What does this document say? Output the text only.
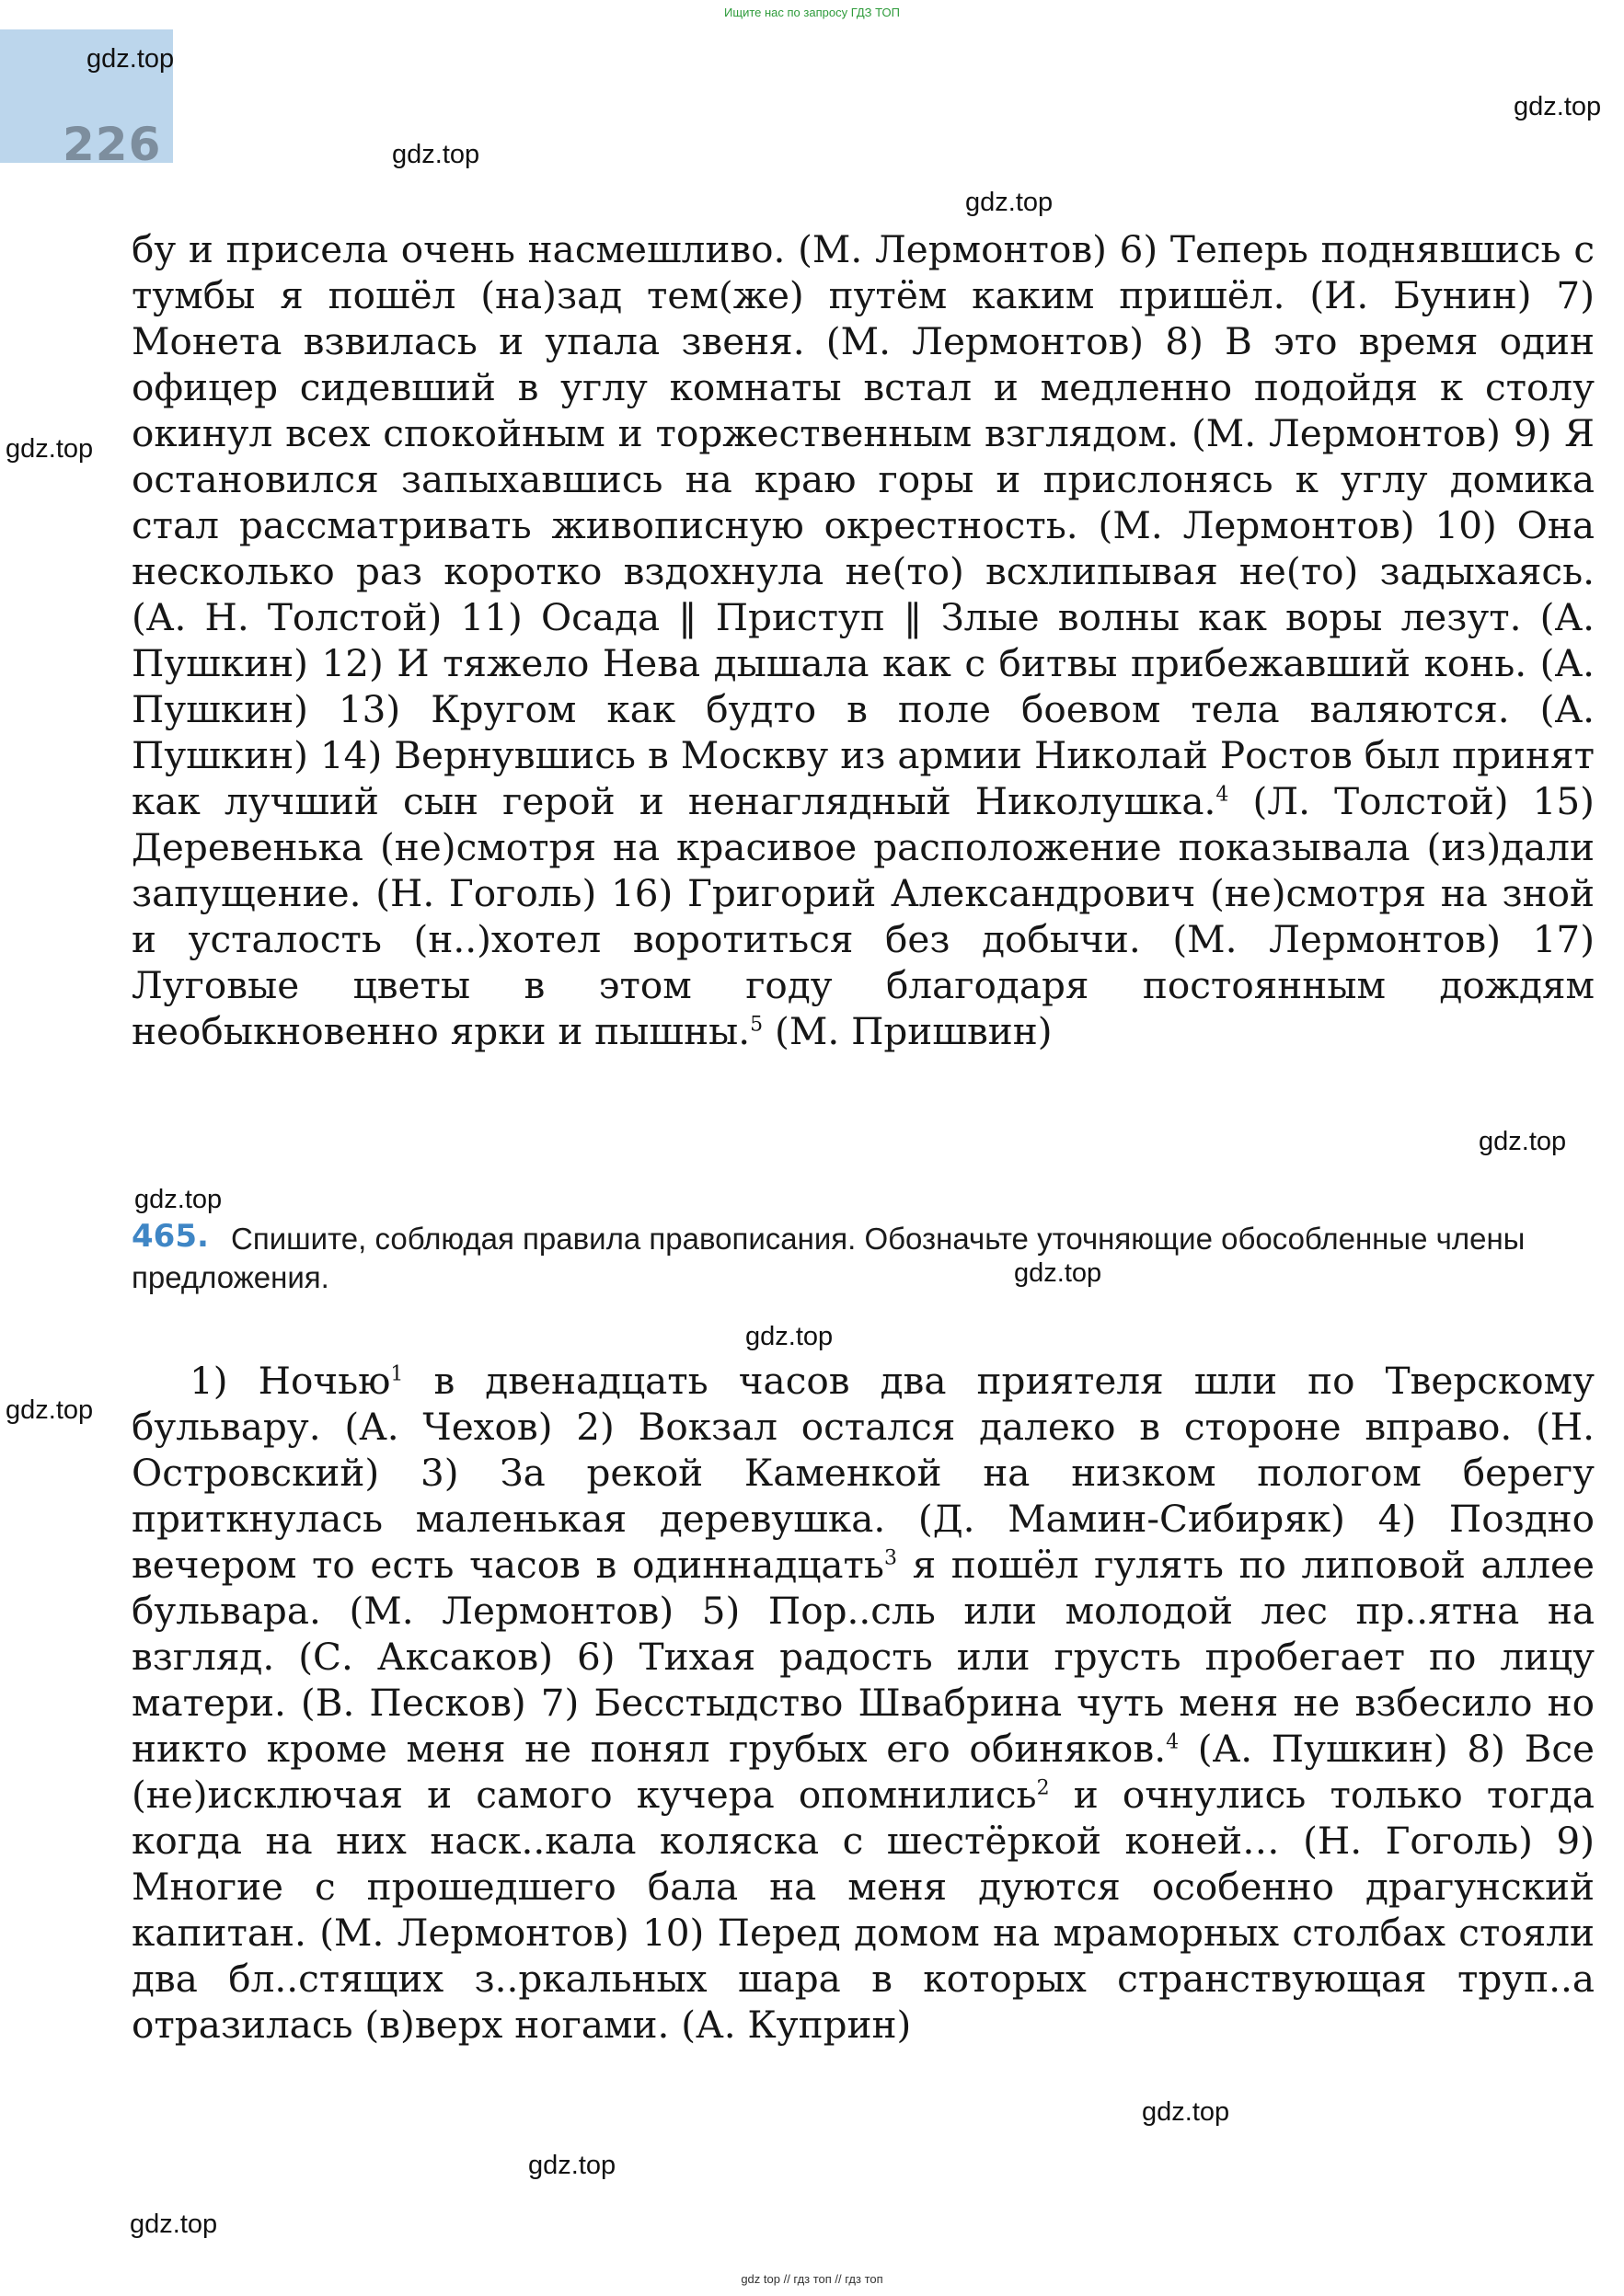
Ищите нас по запросу ГДЗ ТОП
226
gdz.top
gdz.top
gdz.top
gdz.top
gdz.top
gdz.top
gdz.top
gdz.top
gdz.top
gdz.top
gdz.top
gdz.top
gdz.top

бу и присела очень насмешливо. (М. Лермонтов) 6) Теперь поднявшись с тумбы я пошёл (на)зад тем(же) путём каким пришёл. (И. Бунин) 7) Монета взвилась и упала звеня. (М. Лермонтов) 8) В это время один офицер сидевший в углу комнаты встал и медленно подойдя к столу окинул всех спокойным и торжественным взглядом. (М. Лермонтов) 9) Я остановился запыхавшись на краю горы и прислонясь к углу домика стал рассматривать живописную окрестность. (М. Лермонтов) 10) Она несколько раз коротко вздохнула не(то) всхлипывая не(то) задыхаясь. (А. Н. Толстой) 11) Осада ‖ Приступ ‖ Злые волны как воры лезут. (А. Пушкин) 12) И тяжело Нева дышала как с битвы прибежавший конь. (А. Пушкин) 13) Кругом как будто в поле боевом тела валяются. (А. Пушкин) 14) Вернувшись в Москву из армии Николай Ростов был принят как лучший сын герой и ненаглядный Николушка.$^4$ (Л. Толстой) 15) Деревенька (не)смотря на красивое расположение показывала (из)дали запущение. (Н. Гоголь) 16) Григорий Александрович (не)смотря на зной и усталость (н..)хотел воротиться без добычи. (М. Лермонтов) 17) Луговые цветы в этом году благодаря постоянным дождям необыкновенно ярки и пышны.$^5$ (М. Пришвин)

465. Спишите, соблюдая правила правописания. Обозначьте уточняющие обособленные члены предложения.

1) Ночью$^1$ в двенадцать часов два приятеля шли по Тверскому бульвару. (А. Чехов) 2) Вокзал остался далеко в стороне вправо. (Н. Островский) 3) За рекой Каменкой на низком пологом берегу приткнулась маленькая деревушка. (Д. Мамин-Сибиряк) 4) Поздно вечером то есть часов в одиннадцать$^3$ я пошёл гулять по липовой аллее бульвара. (М. Лермонтов) 5) Пор..сль или молодой лес пр..ятна на взгляд. (С. Аксаков) 6) Тихая радость или грусть пробегает по лицу матери. (В. Песков) 7) Бесстыдство Швабрина чуть меня не взбесило но никто кроме меня не понял грубых его обиняков.$^4$ (А. Пушкин) 8) Все (не)исключая и самого кучера опомнились$^2$ и очнулись только тогда когда на них наск..кала коляска с шестёркой коней… (Н. Гоголь) 9) Многие с прошедшего бала на меня дуются особенно драгунский капитан. (М. Лермонтов) 10) Перед домом на мраморных столбах стояли два бл..стящих з..ркальных шара в которых странствующая труп..а отразилась (в)верх ногами. (А. Куприн)

gdz top // гдз топ // гдз топ
